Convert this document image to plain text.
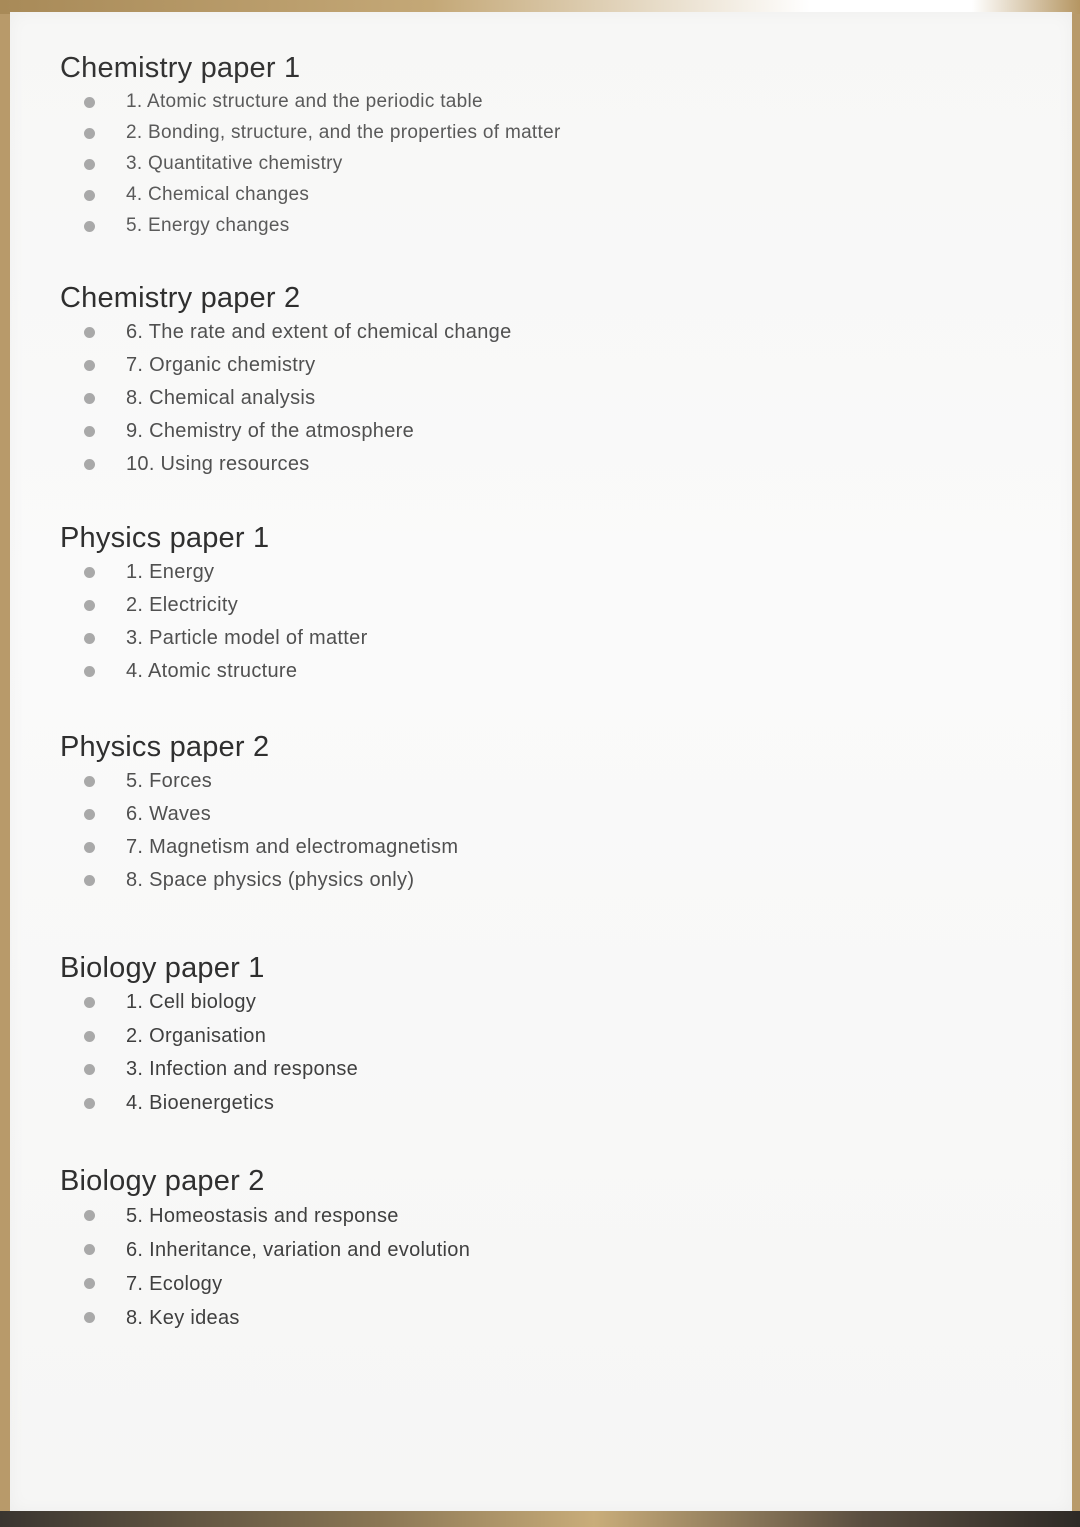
Chemistry paper 1
1. Atomic structure and the periodic table
2. Bonding, structure, and the properties of matter
3. Quantitative chemistry
4. Chemical changes
5. Energy changes
Chemistry paper 2
6. The rate and extent of chemical change
7. Organic chemistry
8. Chemical analysis
9. Chemistry of the atmosphere
10. Using resources
Physics paper 1
1. Energy
2. Electricity
3. Particle model of matter
4. Atomic structure
Physics paper 2
5. Forces
6. Waves
7. Magnetism and electromagnetism
8. Space physics (physics only)
Biology paper 1
1. Cell biology
2. Organisation
3. Infection and response
4. Bioenergetics
Biology paper 2
5. Homeostasis and response
6. Inheritance, variation and evolution
7. Ecology
8. Key ideas
